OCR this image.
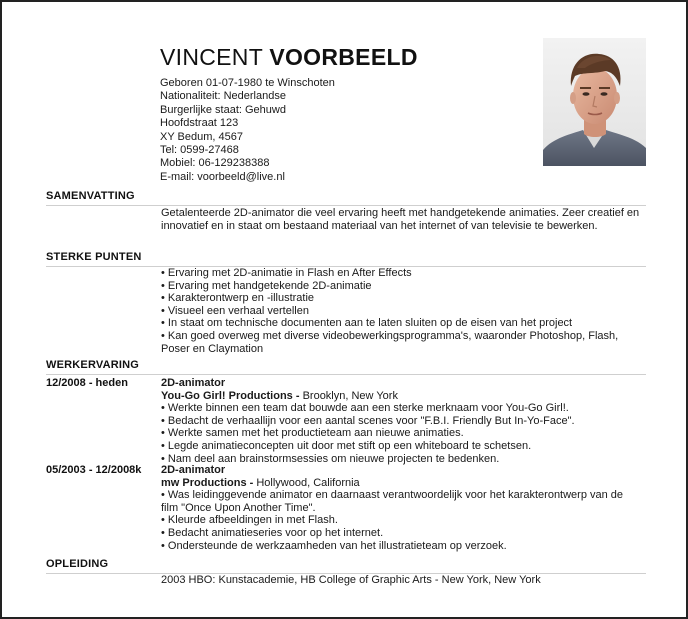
VINCENT VOORBEELD
Geboren 01-07-1980 te Winschoten
Nationaliteit: Nederlandse
Burgerlijke staat: Gehuwd
Hoofdstraat 123
XY Bedum, 4567
Tel: 0599-27468
Mobiel: 06-129238388
E-mail: voorbeeld@live.nl
SAMENVATTING
Getalenteerde 2D-animator die veel ervaring heeft met handgetekende animaties. Zeer creatief en innovatief en in staat om bestaand materiaal van het internet of van televisie te bewerken.
STERKE PUNTEN
• Ervaring met 2D-animatie in Flash en After Effects
• Ervaring met handgetekende 2D-animatie
• Karakterontwerp en -illustratie
• Visueel een verhaal vertellen
• In staat om technische documenten aan te laten sluiten op de eisen van het project
• Kan goed overweg met diverse videobewerkingsprogramma's, waaronder Photoshop, Flash, Poser en Claymation
WERKERVARING
12/2008 - heden	2D-animator
You-Go Girl! Productions - Brooklyn, New York
• Werkte binnen een team dat bouwde aan een sterke merknaam voor You-Go Girl!.
• Bedacht de verhaallijn voor een aantal scenes voor "F.B.I. Friendly But In-Yo-Face".
• Werkte samen met het productieteam aan nieuwe animaties.
• Legde animatieconcepten uit door met stift op een whiteboard te schetsen.
• Nam deel aan brainstormsessies om nieuwe projecten te bedenken.
05/2003 - 12/2008k 2D-animator
mw Productions - Hollywood, California
• Was leidinggevende animator en daarnaast verantwoordelijk voor het karakterontwerp van de film "Once Upon Another Time".
• Kleurde afbeeldingen in met Flash.
• Bedacht animatieseries voor op het internet.
• Ondersteunde de werkzaamheden van het illustratieteam op verzoek.
OPLEIDING
2003 HBO: Kunstacademie, HB College of Graphic Arts - New York, New York
